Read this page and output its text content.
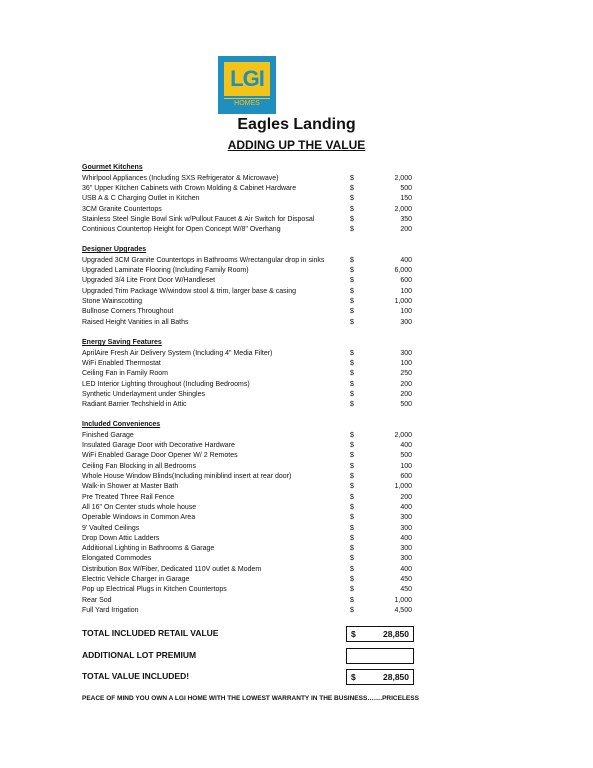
LGI
HOMES
Eagles Landing
ADDING UP THE VALUE
Gourmet Kitchens
Whirlpool Appliances (Including SXS Refrigerator & Microwave)	$	2,000
36" Upper Kitchen Cabinets with Crown Molding & Cabinet Hardware	$	500
USB A & C Charging Outlet in Kitchen	$	150
3CM Granite Countertops	$	2,000
Stainless Steel Single Bowl Sink w/Pullout Faucet & Air Switch for Disposal	$	350
Continious Countertop Height for Open Concept W/8" Overhang	$	200
Designer Upgrades
Upgraded 3CM Granite Countertops in Bathrooms W/rectangular drop in sinks	$	400
Upgraded Laminate Flooring (Including Family Room)	$	6,000
Upgraded 3/4 Lite Front Door W/Handleset	$	600
Upgraded Trim Package W/window stool & trim, larger base & casing	$	100
Stone Wainscotting	$	1,000
Bullnose Corners Throughout	$	100
Raised Height Vanities in all Baths	$	300
Energy Saving Features
AprilAire Fresh Air Delivery System (Including 4" Media Filter)	$	300
WiFi Enabled Thermostat	$	100
Ceiling Fan in Family Room	$	250
LED Interior Lighting throughout (Including Bedrooms)	$	200
Synthetic Underlayment under Shingles	$	200
Radiant Barrier Techshield in Attic	$	500
Included Conveniences
Finished Garage	$	2,000
Insulated Garage Door with Decorative Hardware	$	400
WiFi Enabled Garage Door Opener W/ 2 Remotes	$	500
Ceiling Fan Blocking in all Bedrooms	$	100
Whole House Window Blinds(Including miniblind insert at rear door)	$	600
Walk-in Shower at Master Bath	$	1,000
Pre Treated Three Rail Fence	$	200
All 16" On Center studs whole house	$	400
Operable Windows in Common Area	$	300
9' Vaulted Ceilings	$	300
Drop Down Attic Ladders	$	400
Additional Lighting in Bathrooms & Garage	$	300
Elongated Commodes	$	300
Distribution Box W/Fiber, Dedicated 110V outlet & Modem	$	400
Electric Vehicle Charger in Garage	$	450
Pop up Electrical Plugs in Kitchen Countertops	$	450
Rear Sod	$	1,000
Full Yard Irrigation	$	4,500
TOTAL INCLUDED RETAIL VALUE	$	28,850
ADDITIONAL LOT PREMIUM
TOTAL VALUE INCLUDED!	$	28,850
PEACE OF MIND YOU OWN A LGI HOME WITH THE LOWEST WARRANTY IN THE BUSINESS…….PRICELESS
